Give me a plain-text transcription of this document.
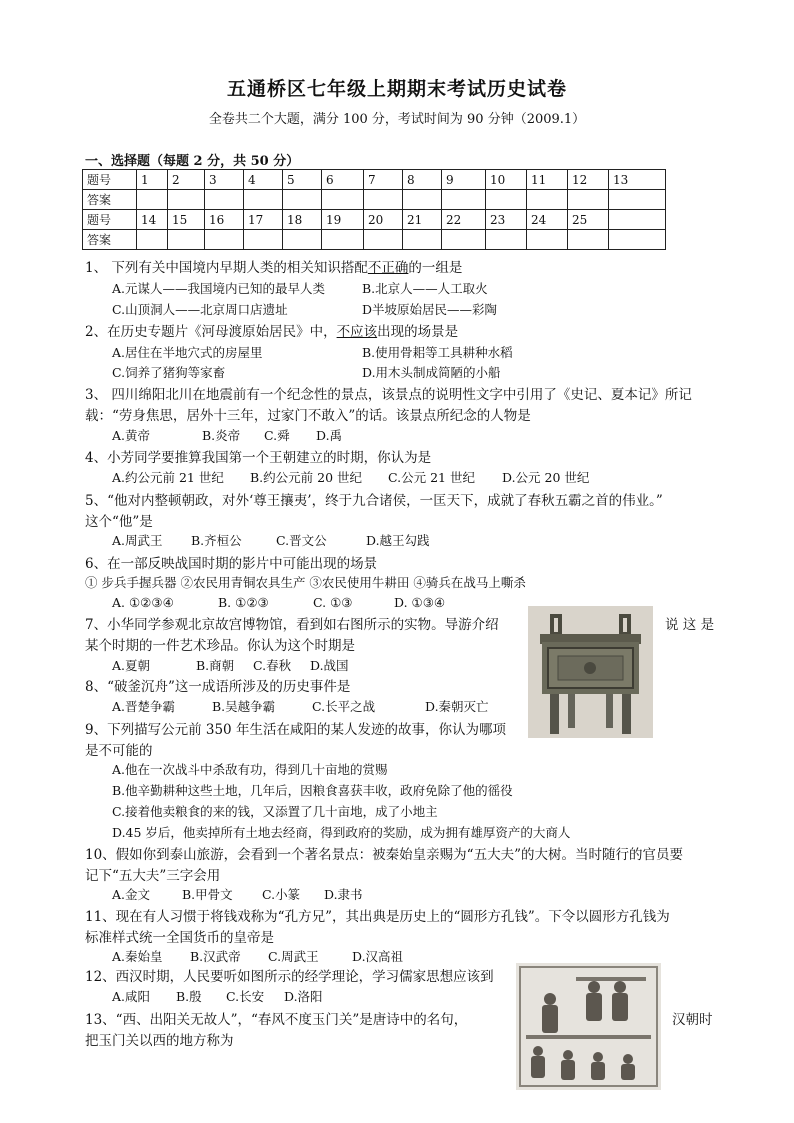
五通桥区七年级上期期末考试历史试卷
全卷共二个大题，满分 100 分，考试时间为 90 分钟（2009.1）
一、选择题（每题 2 分，共 50 分）
题号	1	2	3	4	5	6	7	8	9	10	11	12	13
答案													
题号	14	15	16	17	18	19	20	21	22	23	24	25	
答案													
1、 下列有关中国境内早期人类的相关知识搭配不正确的一组是
A.元谋人——我国境内已知的最早人类	B.北京人——人工取火
C.山顶洞人——北京周口店遗址	D半坡原始居民——彩陶
2、在历史专题片《河母渡原始居民》中，不应该出现的场景是
A.居住在半地穴式的房屋里	B.使用骨耜等工具耕种水稻
C.饲养了猪狗等家畜	D.用木头制成简陋的小船
3、 四川绵阳北川在地震前有一个纪念性的景点，该景点的说明性文字中引用了《史记、夏本记》所记
载：“劳身焦思，居外十三年，过家门不敢入”的话。该景点所纪念的人物是
A.黄帝	B.炎帝 C.舜 D.禹
4、小芳同学要推算我国第一个王朝建立的时期，你认为是
A.约公元前 21 世纪 B.约公元前 20 世纪 C.公元 21 世纪 D.公元 20 世纪
5、“他对内整顿朝政，对外‘尊王攘夷’，终于九合诸侯，一匡天下，成就了春秋五霸之首的伟业。”
这个“他”是
A.周武王 B.齐桓公	C.晋文公	D.越王勾践
6、在一部反映战国时期的影片中可能出现的场景
① 步兵手握兵器 ②农民用青铜农具生产 ③农民使用牛耕田 ④骑兵在战马上嘶杀
A. ①②③④	B. ①②③	C. ①③	D. ①③④
7、小华同学参观北京故宫博物馆，看到如右图所示的实物。导游介绍	说 这 是
某个时期的一件艺术珍品。你认为这个时期是
A.夏朝	B.商朝 C.春秋 D.战国
8、“破釜沉舟”这一成语所涉及的历史事件是
A.晋楚争霸	B.吴越争霸	C.长平之战	D.秦朝灭亡
9、下列描写公元前 350 年生活在咸阳的某人发迹的故事，你认为哪项
是不可能的
A.他在一次战斗中杀敌有功，得到几十亩地的赏赐
B.他辛勤耕种这些土地，几年后，因粮食喜获丰收，政府免除了他的徭役
C.接着他卖粮食的来的钱，又添置了几十亩地，成了小地主
D.45 岁后，他卖掉所有土地去经商，得到政府的奖励，成为拥有雄厚资产的大商人
10、假如你到泰山旅游，会看到一个著名景点：被秦始皇亲赐为“五大夫”的大树。当时随行的官员要
记下“五大夫”三字会用
A.金文	B.甲骨文 C.小篆 D.隶书
11、现在有人习惯于将钱戏称为“孔方兄”，其出典是历史上的“圆形方孔钱”。下令以圆形方孔钱为
标准样式统一全国货币的皇帝是
A.秦始皇 B.汉武帝 C.周武王	D.汉高祖
12、西汉时期，人民要听如图所示的经学理论，学习儒家思想应该到
A.咸阳 B.殷 C.长安 D.洛阳
13、“西、出阳关无故人”，“春风不度玉门关”是唐诗中的名句，	汉朝时
把玉门关以西的地方称为
